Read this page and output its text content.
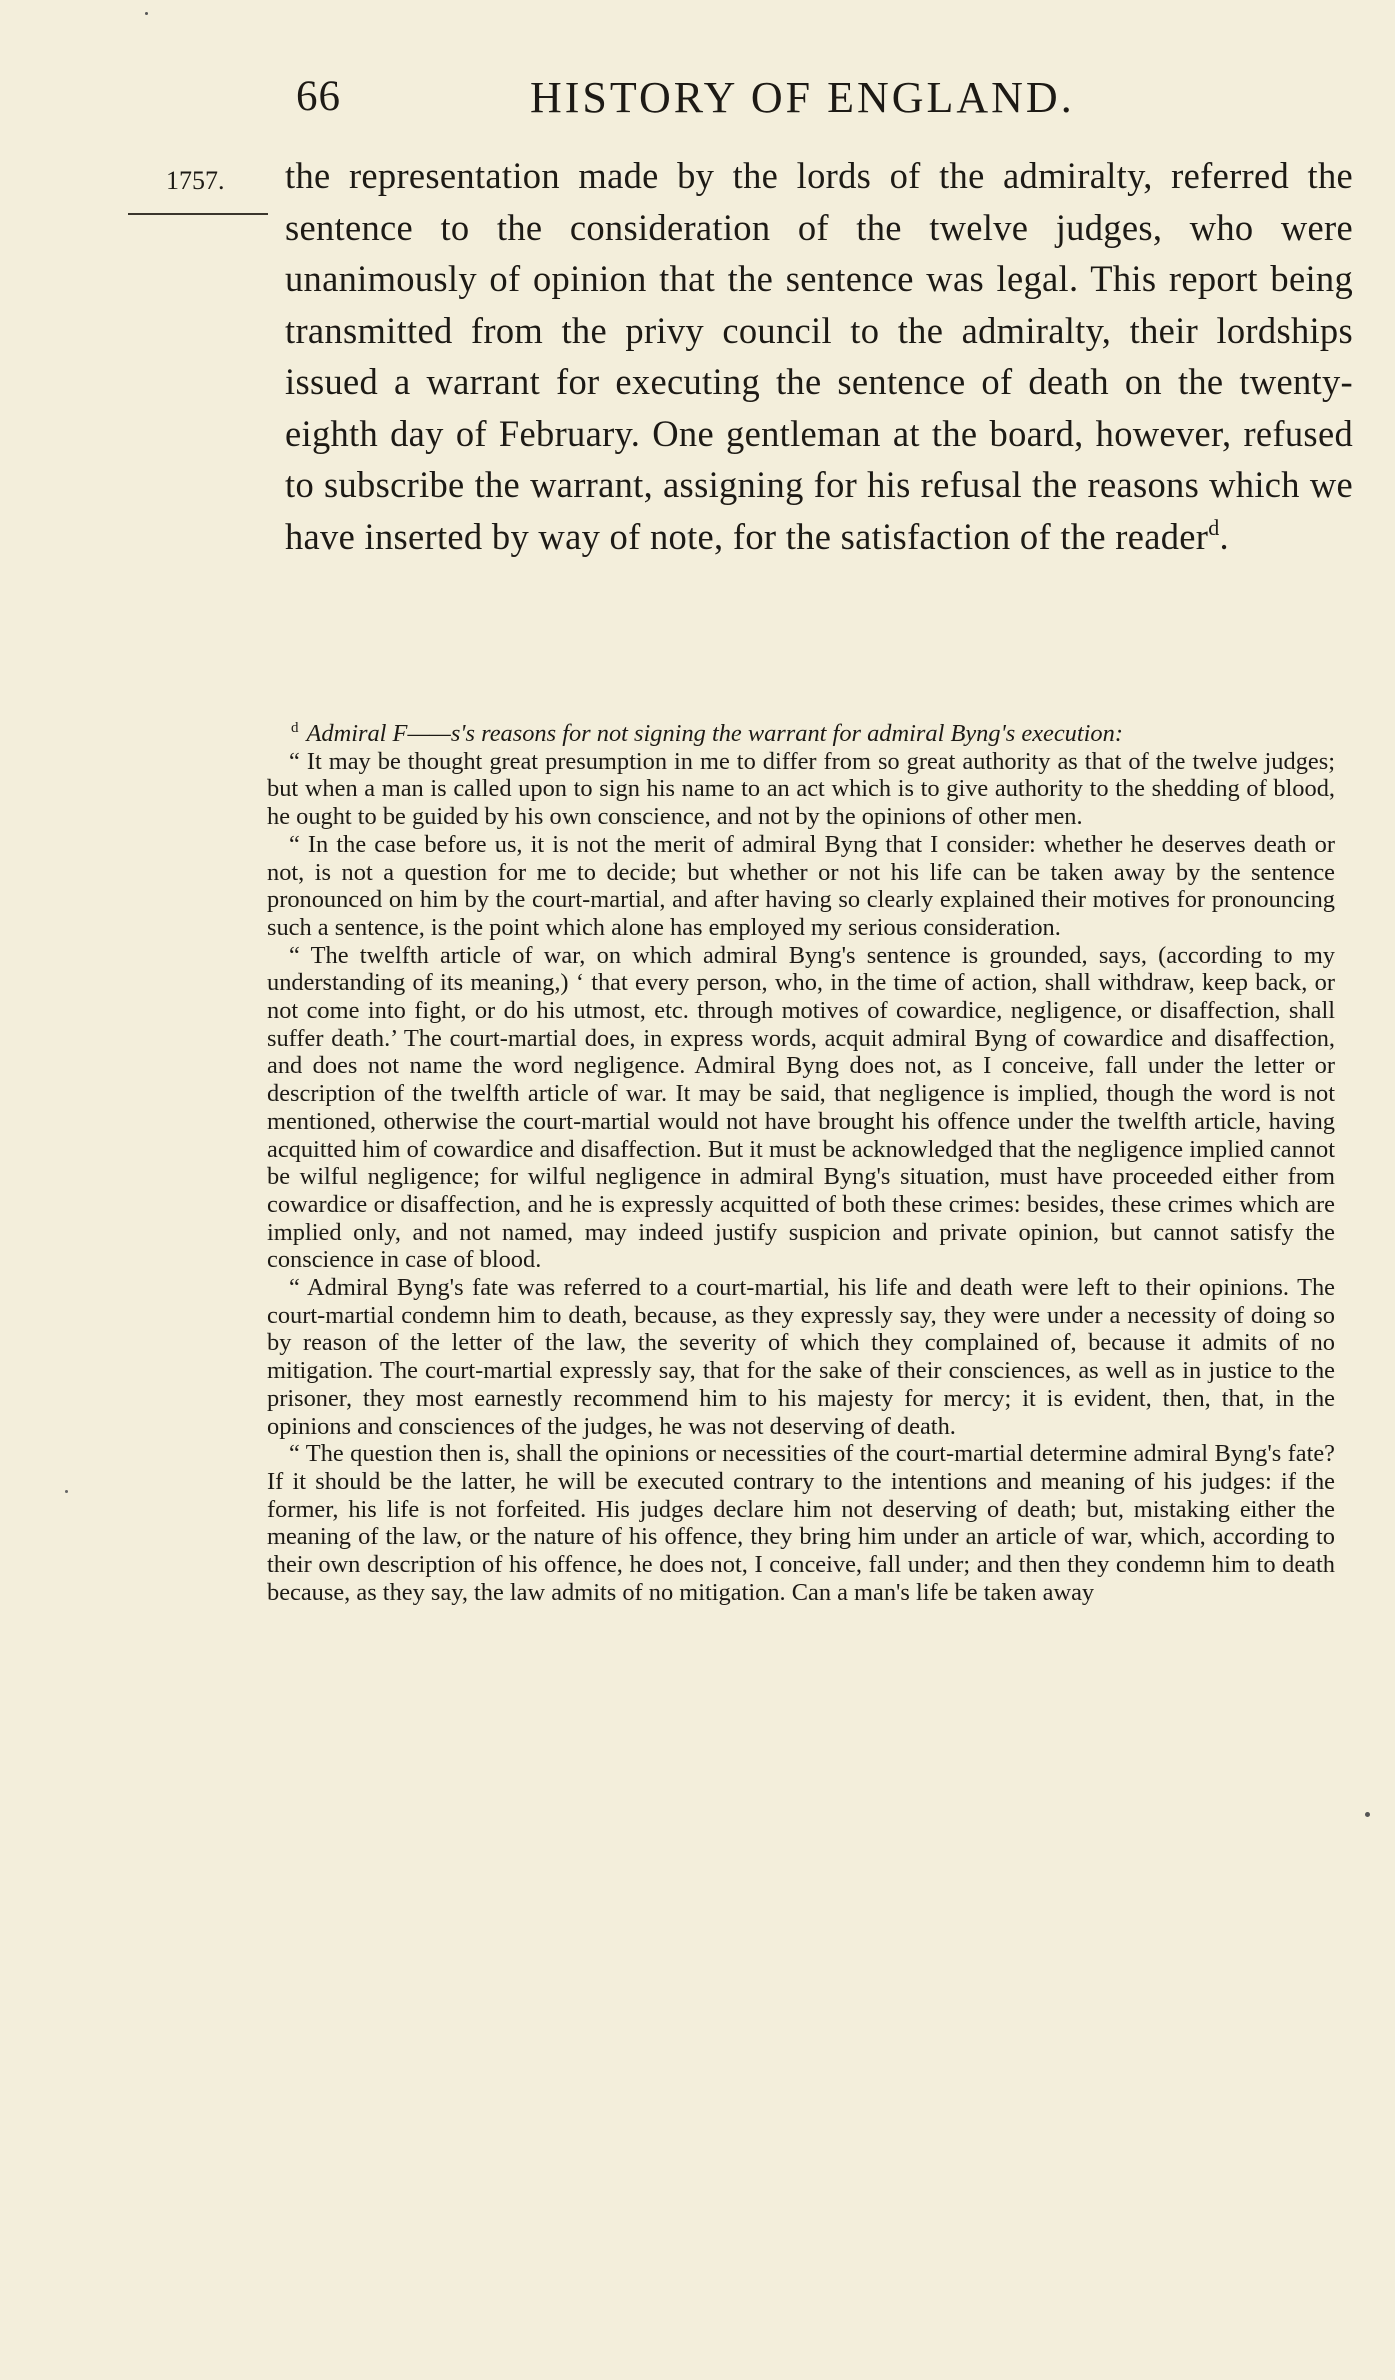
66	HISTORY OF ENGLAND.
1757. the representation made by the lords of the admiralty, referred the sentence to the consideration of the twelve judges, who were unanimously of opinion that the sentence was legal. This report being transmitted from the privy council to the admiralty, their lordships issued a warrant for executing the sentence of death on the twenty-eighth day of February. One gentleman at the board, however, refused to subscribe the warrant, assigning for his refusal the reasons which we have inserted by way of note, for the satisfaction of the reader$^d$.

$^d$ Admiral F——s's reasons for not signing the warrant for admiral Byng's execution:

“ It may be thought great presumption in me to differ from so great authority as that of the twelve judges; but when a man is called upon to sign his name to an act which is to give authority to the shedding of blood, he ought to be guided by his own conscience, and not by the opinions of other men.

“ In the case before us, it is not the merit of admiral Byng that I consider: whether he deserves death or not, is not a question for me to decide; but whether or not his life can be taken away by the sentence pronounced on him by the court-martial, and after having so clearly explained their motives for pronouncing such a sentence, is the point which alone has employed my serious consideration.

“ The twelfth article of war, on which admiral Byng's sentence is grounded, says, (according to my understanding of its meaning,) ‘ that every person, who, in the time of action, shall withdraw, keep back, or not come into fight, or do his utmost, etc. through motives of cowardice, negligence, or disaffection, shall suffer death.’ The court-martial does, in express words, acquit admiral Byng of cowardice and disaffection, and does not name the word negligence. Admiral Byng does not, as I conceive, fall under the letter or description of the twelfth article of war. It may be said, that negligence is implied, though the word is not mentioned, otherwise the court-martial would not have brought his offence under the twelfth article, having acquitted him of cowardice and disaffection. But it must be acknowledged that the negligence implied cannot be wilful negligence; for wilful negligence in admiral Byng's situation, must have proceeded either from cowardice or disaffection, and he is expressly acquitted of both these crimes: besides, these crimes which are implied only, and not named, may indeed justify suspicion and private opinion, but cannot satisfy the conscience in case of blood.

“ Admiral Byng's fate was referred to a court-martial, his life and death were left to their opinions. The court-martial condemn him to death, because, as they expressly say, they were under a necessity of doing so by reason of the letter of the law, the severity of which they complained of, because it admits of no mitigation. The court-martial expressly say, that for the sake of their consciences, as well as in justice to the prisoner, they most earnestly recommend him to his majesty for mercy; it is evident, then, that, in the opinions and consciences of the judges, he was not deserving of death.

“ The question then is, shall the opinions or necessities of the court-martial determine admiral Byng's fate? If it should be the latter, he will be executed contrary to the intentions and meaning of his judges: if the former, his life is not forfeited. His judges declare him not deserving of death; but, mistaking either the meaning of the law, or the nature of his offence, they bring him under an article of war, which, according to their own description of his offence, he does not, I conceive, fall under; and then they condemn him to death because, as they say, the law admits of no mitigation. Can a man's life be taken away
